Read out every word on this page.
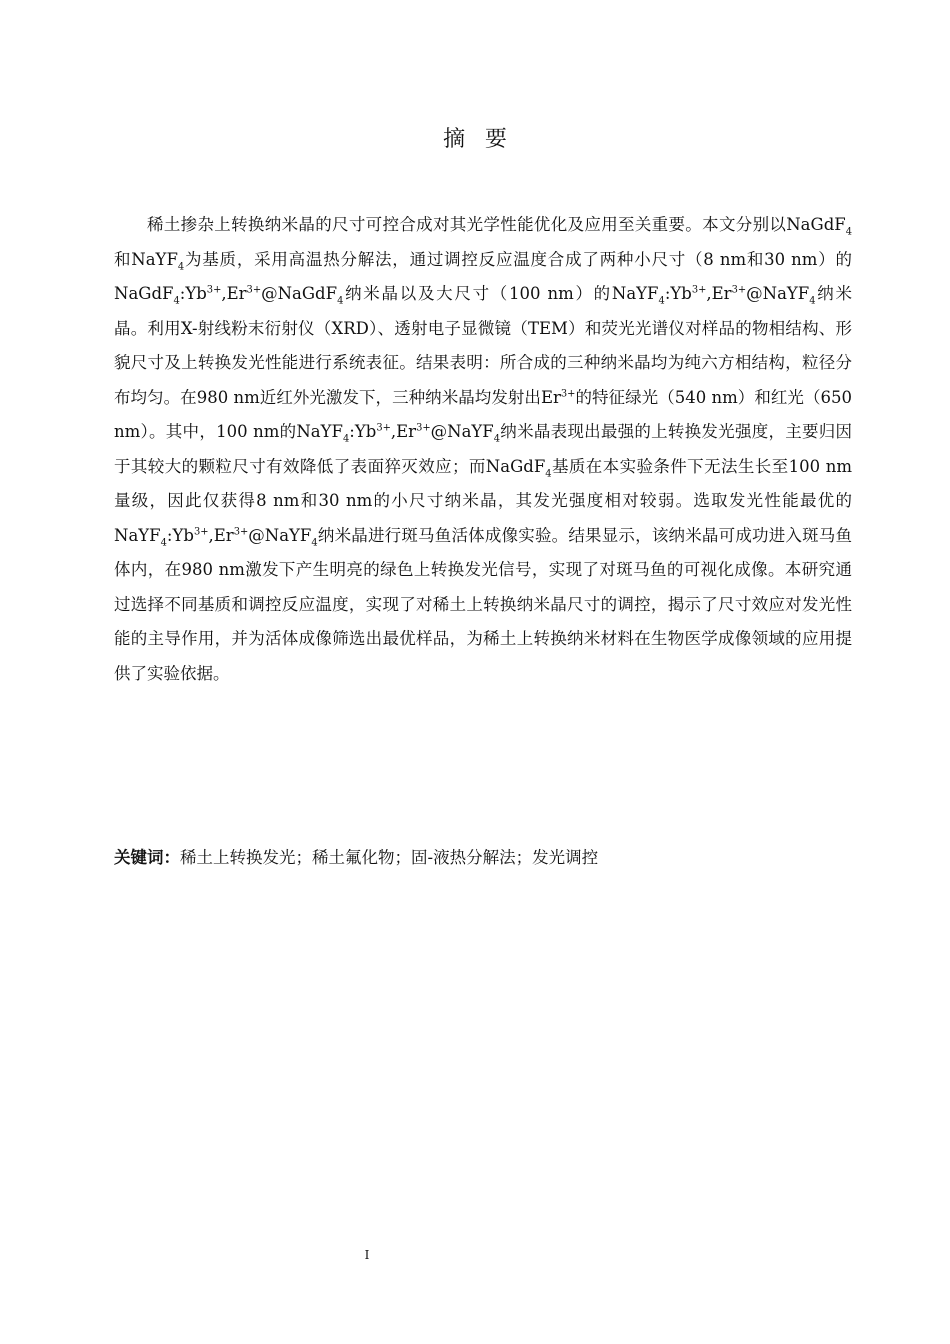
摘要

稀土掺杂上转换纳米晶的尺寸可控合成对其光学性能优化及应用至关重要。本文分别以NaGdF$_4$和NaYF$_4$为基质，采用高温热分解法，通过调控反应温度合成了两种小尺寸（8 nm和30 nm）的$NaGdF_4:Yb^{3+},Er^{3+}@NaGdF_4$纳米晶以及大尺寸（100 nm）的$NaYF_4:Yb^{3+},Er^{3+}@NaYF_4$纳米晶。利用X-射线粉末衍射仪（XRD）、透射电子显微镜（TEM）和荧光光谱仪对样品的物相结构、形貌尺寸及上转换发光性能进行系统表征。结果表明：所合成的三种纳米晶均为纯六方相结构，粒径分布均匀。在980 nm近红外光激发下，三种纳米晶均发射出$Er^{3+}$的特征绿光（540 nm）和红光（650 nm）。其中，100 nm的$NaYF_4:Yb^{3+},Er^{3+}@NaYF_4$纳米晶表现出最强的上转换发光强度，主要归因于其较大的颗粒尺寸有效降低了表面猝灭效应；而NaGdF$_4$基质在本实验条件下无法生长至100 nm量级，因此仅获得8 nm和30 nm的小尺寸纳米晶，其发光强度相对较弱。选取发光性能最优的$NaYF_4:Yb^{3+},Er^{3+}@NaYF_4$纳米晶进行斑马鱼活体成像实验。结果显示，该纳米晶可成功进入斑马鱼体内，在980 nm激发下产生明亮的绿色上转换发光信号，实现了对斑马鱼的可视化成像。本研究通过选择不同基质和调控反应温度，实现了对稀土上转换纳米晶尺寸的调控，揭示了尺寸效应对发光性能的主导作用，并为活体成像筛选出最优样品，为稀土上转换纳米材料在生物医学成像领域的应用提供了实验依据。

关键词：稀土上转换发光；稀土氟化物；固-液热分解法；发光调控

I
